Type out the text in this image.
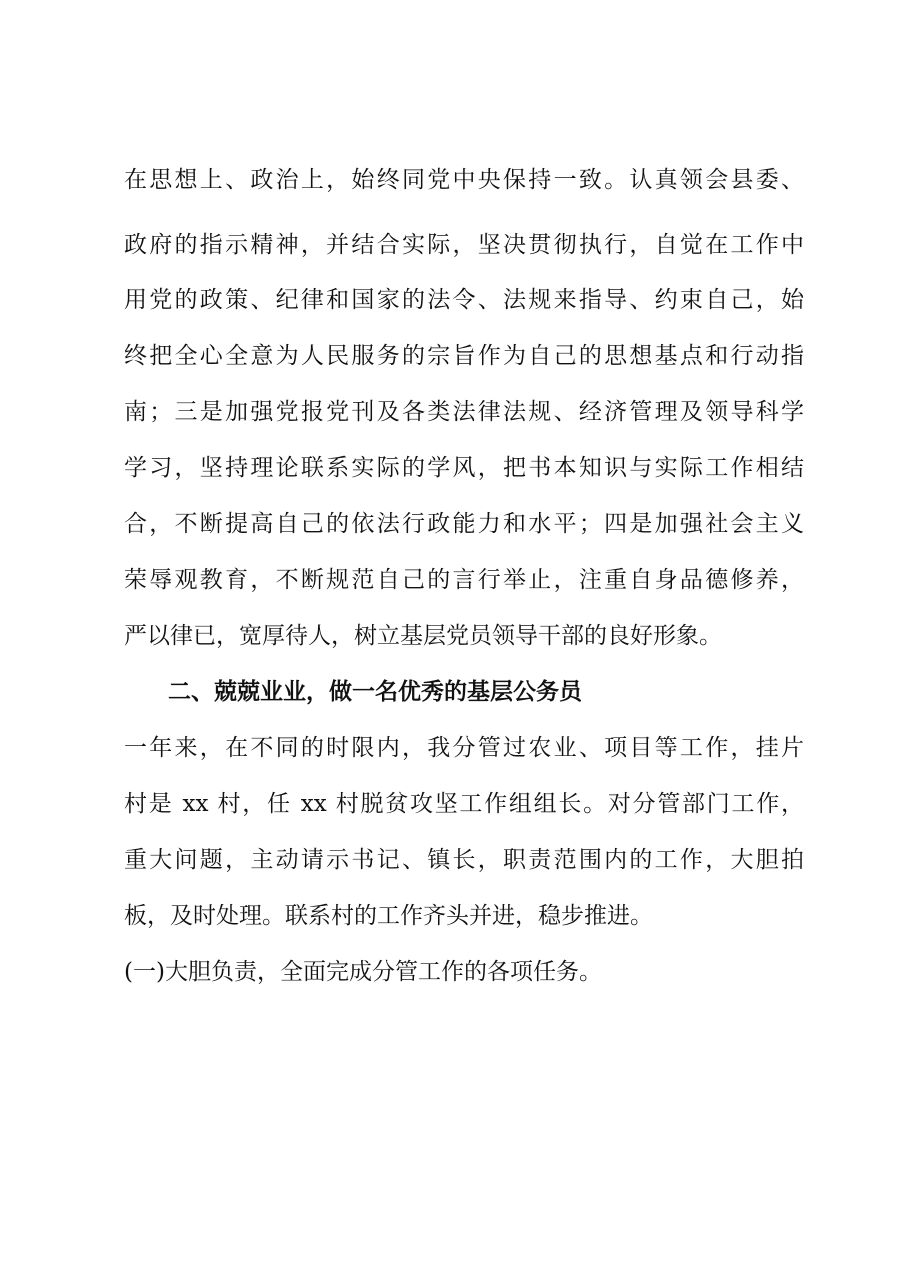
在思想上、政治上，始终同党中央保持一致。认真领会县委、
政府的指示精神，并结合实际，坚决贯彻执行，自觉在工作中
用党的政策、纪律和国家的法令、法规来指导、约束自己，始
终把全心全意为人民服务的宗旨作为自己的思想基点和行动指
南；三是加强党报党刊及各类法律法规、经济管理及领导科学
学习，坚持理论联系实际的学风，把书本知识与实际工作相结
合，不断提高自己的依法行政能力和水平；四是加强社会主义
荣辱观教育，不断规范自己的言行举止，注重自身品德修养，
严以律已，宽厚待人，树立基层党员领导干部的良好形象。
二、兢兢业业，做一名优秀的基层公务员
一年来，在不同的时限内，我分管过农业、项目等工作，挂片
村是 xx 村，任 xx 村脱贫攻坚工作组组长。对分管部门工作，
重大问题，主动请示书记、镇长，职责范围内的工作，大胆拍
板，及时处理。联系村的工作齐头并进，稳步推进。
(一)大胆负责，全面完成分管工作的各项任务。
